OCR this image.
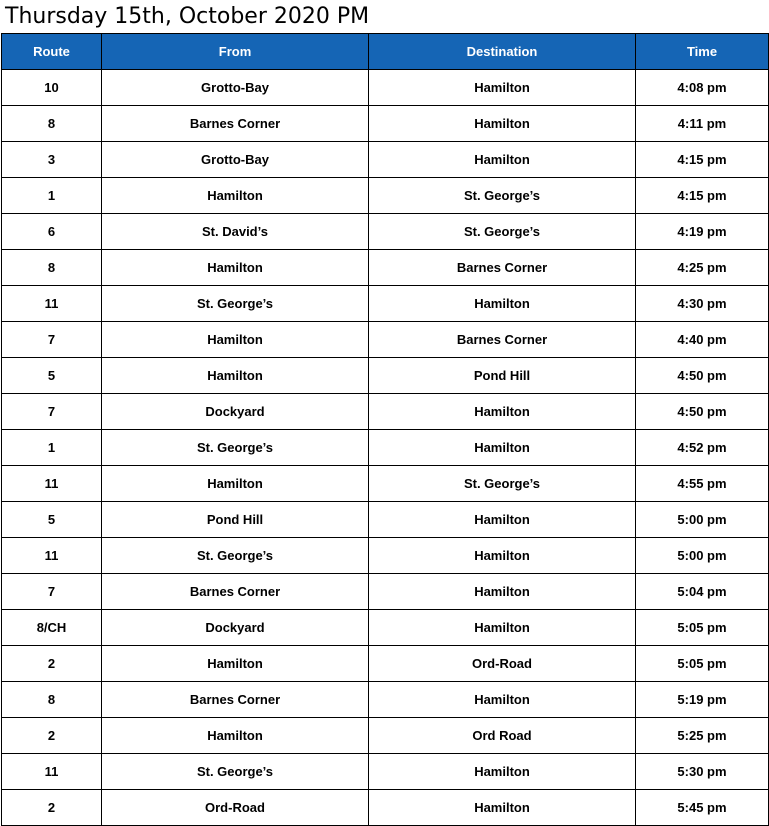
Thursday 15th, October 2020 PM
Route	From	Destination	Time
10	Grotto-Bay	Hamilton	4:08 pm
8	Barnes Corner	Hamilton	4:11 pm
3	Grotto-Bay	Hamilton	4:15 pm
1	Hamilton	St. George’s	4:15 pm
6	St. David’s	St. George’s	4:19 pm
8	Hamilton	Barnes Corner	4:25 pm
11	St. George’s	Hamilton	4:30 pm
7	Hamilton	Barnes Corner	4:40 pm
5	Hamilton	Pond Hill	4:50 pm
7	Dockyard	Hamilton	4:50 pm
1	St. George’s	Hamilton	4:52 pm
11	Hamilton	St. George’s	4:55 pm
5	Pond Hill	Hamilton	5:00 pm
11	St. George’s	Hamilton	5:00 pm
7	Barnes Corner	Hamilton	5:04 pm
8/CH	Dockyard	Hamilton	5:05 pm
2	Hamilton	Ord-Road	5:05 pm
8	Barnes Corner	Hamilton	5:19 pm
2	Hamilton	Ord Road	5:25 pm
11	St. George’s	Hamilton	5:30 pm
2	Ord-Road	Hamilton	5:45 pm
